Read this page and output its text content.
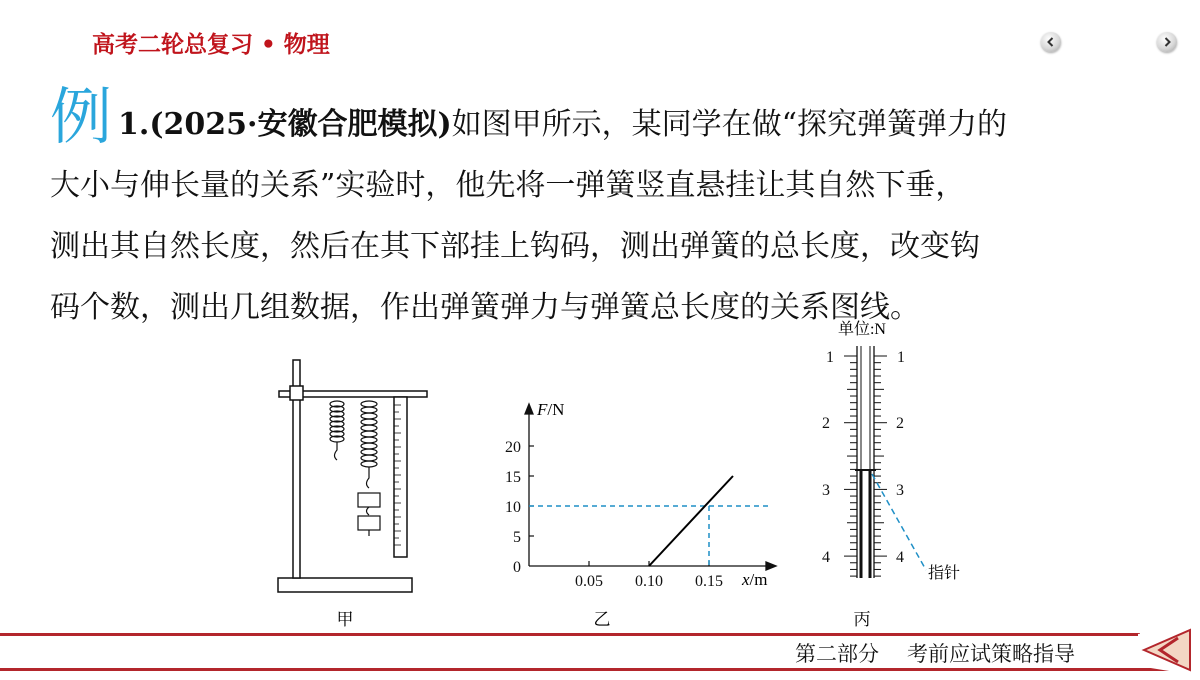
高考二轮总复习 • 物理
例 1.(2025·安徽合肥模拟)如图甲所示，某同学在做“探究弹簧弹力的
大小与伸长量的关系”实验时，他先将一弹簧竖直悬挂让其自然下垂，
测出其自然长度，然后在其下部挂上钩码，测出弹簧的总长度，改变钩
码个数，测出几组数据，作出弹簧弹力与弹簧总长度的关系图线。
甲
0
5
10
15
20
0.05 0.10 0.15
F/N
x/m
乙
单位:N
1
2
3
4
1
2
3
4
指针
丙
第二部分 考前应试策略指导
